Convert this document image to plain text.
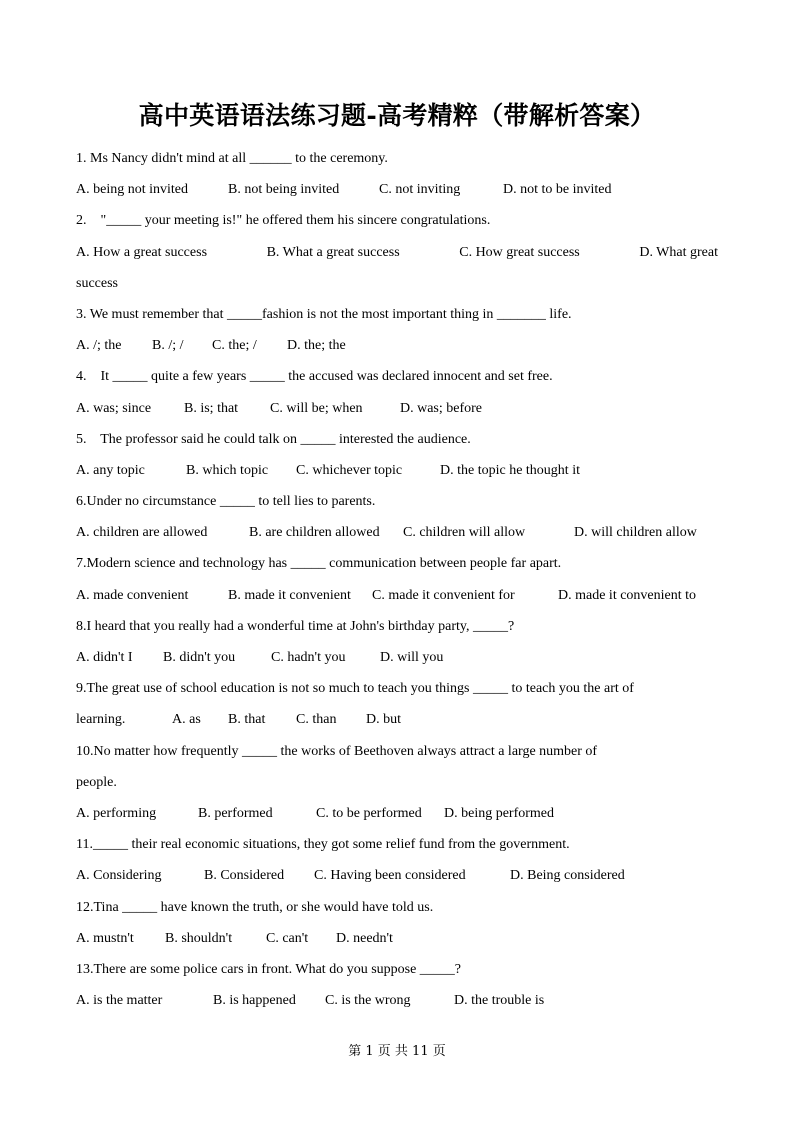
高中英语语法练习题-高考精粹（带解析答案）
1. Ms Nancy didn't mind at all ______ to the ceremony.
A. being not invited	B. not being invited	C. not inviting	D. not to be invited
2.    "_____ your meeting is!" he offered them his sincere congratulations.
A. How a great success	B. What a great success	C. How great success	D. What great
success
3. We must remember that _____fashion is not the most important thing in _______ life.
A. /; the	B. /; /	C. the; /	D. the; the
4.    It _____ quite a few years _____ the accused was declared innocent and set free.
A. was; since	B. is; that	C. will be; when	D. was; before
5.    The professor said he could talk on _____ interested the audience.
A. any topic	B. which topic	C. whichever topic	D. the topic he thought it
6.Under no circumstance _____ to tell lies to parents.
A. children are allowed	B. are children allowed	C. children will allow	D. will children allow
7.Modern science and technology has _____ communication between people far apart.
A. made convenient	B. made it convenient	C. made it convenient for	D. made it convenient to
8.I heard that you really had a wonderful time at John's birthday party, _____?
A. didn't I	B. didn't you	C. hadn't you	D. will you
9.The great use of school education is not so much to teach you things _____ to teach you the art of
learning.	A. as	B. that	C. than	D. but
10.No matter how frequently _____ the works of Beethoven always attract a large number of
people.
A. performing	B. performed	C. to be performed	D. being performed
11._____ their real economic situations, they got some relief fund from the government.
A. Considering	B. Considered	C. Having been considered	D. Being considered
12.Tina _____ have known the truth, or she would have told us.
A. mustn't	B. shouldn't	C. can't	D. needn't
13.There are some police cars in front. What do you suppose _____?
A. is the matter	B. is happened	C. is the wrong	D. the trouble is
第 1 页 共 11 页
